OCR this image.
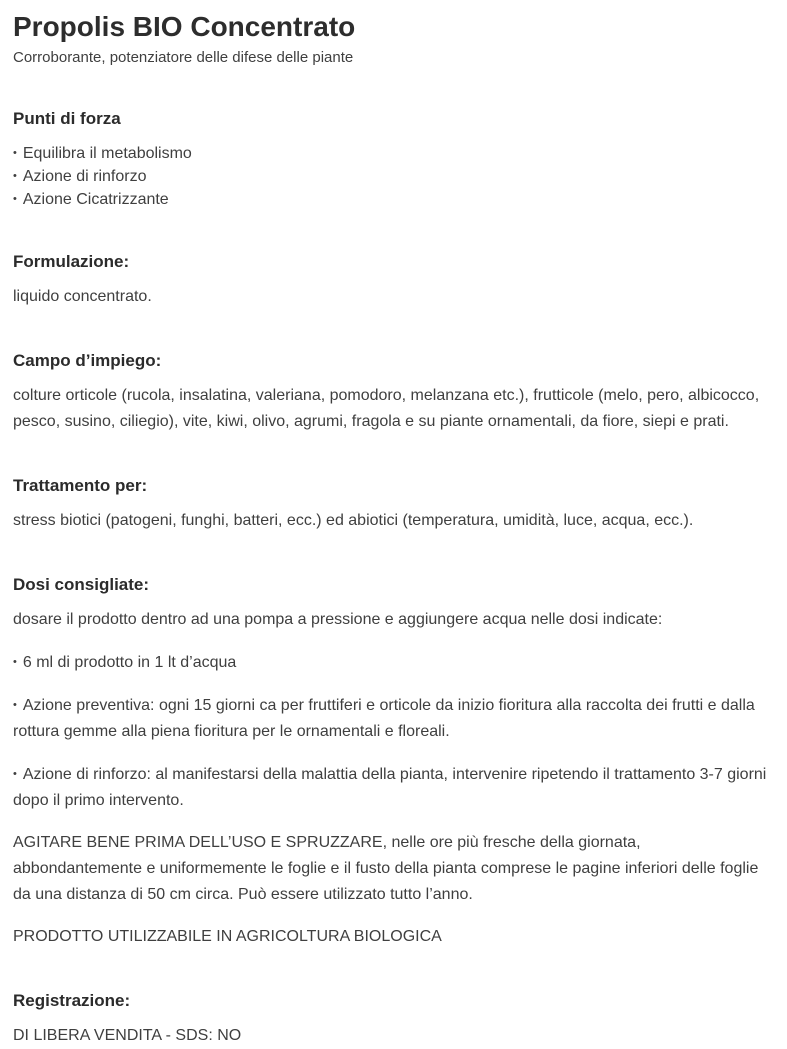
Propolis BIO Concentrato

Corroborante, potenziatore delle difese delle piante

Punti di forza

• Equilibra il metabolismo

• Azione di rinforzo

• Azione Cicatrizzante

Formulazione:

liquido concentrato.

Campo d’impiego:

colture orticole (rucola, insalatina, valeriana, pomodoro, melanzana etc.), frutticole (melo, pero, albicocco, pesco, susino, ciliegio), vite, kiwi, olivo, agrumi, fragola e su piante ornamentali, da fiore, siepi e prati.

Trattamento per:

stress biotici (patogeni, funghi, batteri, ecc.) ed abiotici (temperatura, umidità, luce, acqua, ecc.).

Dosi consigliate:

dosare il prodotto dentro ad una pompa a pressione e aggiungere acqua nelle dosi indicate:

• 6 ml di prodotto in 1 lt d’acqua

• Azione preventiva: ogni 15 giorni ca per fruttiferi e orticole da inizio fioritura alla raccolta dei frutti e dalla rottura gemme alla piena fioritura per le ornamentali e floreali.

• Azione di rinforzo: al manifestarsi della malattia della pianta, intervenire ripetendo il trattamento 3-7 giorni dopo il primo intervento.

AGITARE BENE PRIMA DELL’USO E SPRUZZARE, nelle ore più fresche della giornata, abbondantemente e uniformemente le foglie e il fusto della pianta comprese le pagine inferiori delle foglie da una distanza di 50 cm circa. Può essere utilizzato tutto l’anno.

PRODOTTO UTILIZZABILE IN AGRICOLTURA BIOLOGICA

Registrazione:

DI LIBERA VENDITA - SDS: NO
